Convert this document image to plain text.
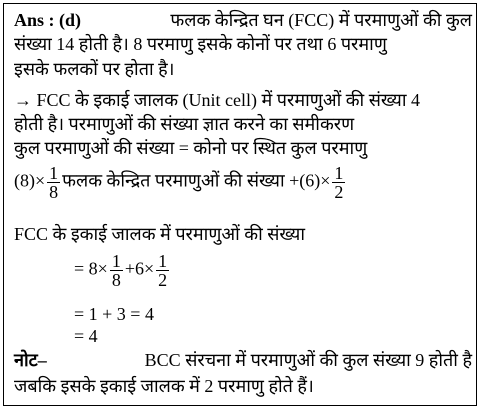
Ans : (d)	फलक केन्द्रित घन (FCC) में परमाणुओं की कुल
संख्या 14 होती है। 8 परमाणु इसके कोनों पर तथा 6 परमाणु
इसके फलकों पर होता है।
→ FCC के इकाई जालक (Unit cell) में परमाणुओं की संख्या 4
होती है। परमाणुओं की संख्या ज्ञात करने का समीकरण
कुल परमाणुओं की संख्या = कोनो पर स्थित कुल परमाणु
$(8)\times \frac{1}{8}$ फलक केन्द्रित परमाणुओं की संख्या $+(6)\times \frac{1}{2}$
FCC के इकाई जालक में परमाणुओं की संख्या
= $8\times \frac{1}{8} +6\times \frac{1}{2}$
= 1 + 3 = 4
= 4
नोट–	BCC संरचना में परमाणुओं की कुल संख्या 9 होती है
जबकि इसके इकाई जालक में 2 परमाणु होते हैं।
